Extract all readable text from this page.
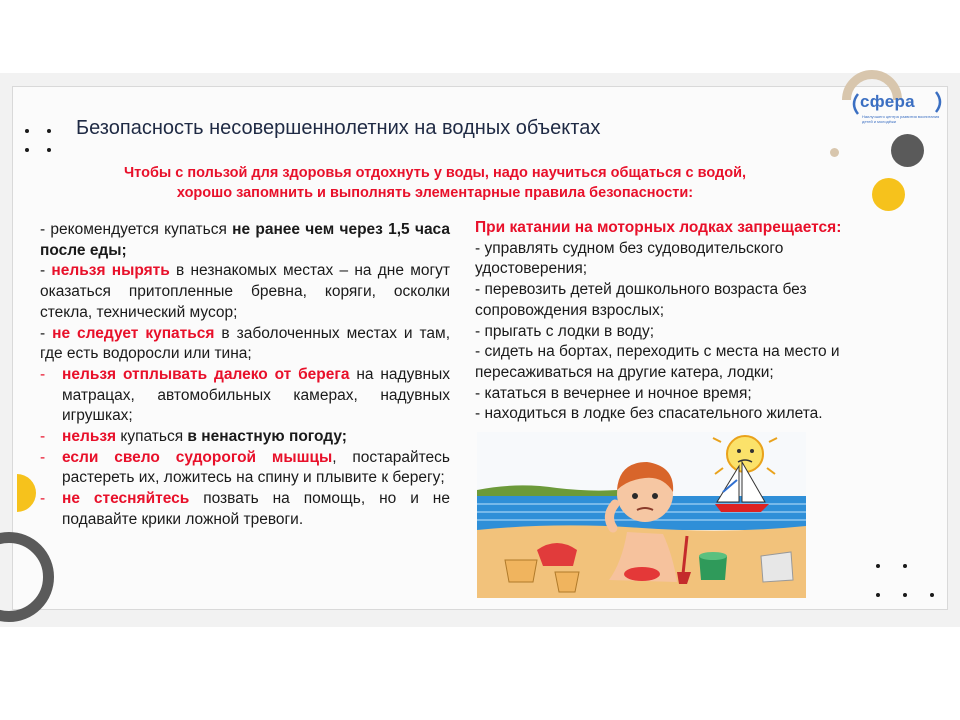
сфера
Наилучшего центра развития воспитания детей и молодёжи
Безопасность несовершеннолетних на водных объектах
Чтобы с пользой для здоровья отдохнуть у воды, надо научиться общаться с водой,
хорошо запомнить и выполнять элементарные правила безопасности:

- рекомендуется купаться не ранее чем через 1,5 часа после еды;

- нельзя нырять в незнакомых местах – на дне могут оказаться притопленные бревна, коряги, осколки стекла, технический мусор;

- не следует купаться в заболоченных местах и там, где есть водоросли или тина;

- нельзя отплывать далеко от берега на надувных матрацах, автомобильных камерах, надувных игрушках;

- нельзя купаться в ненастную погоду;

- если свело судорогой мышцы, постарайтесь растереть их, ложитесь на спину и плывите к берегу;

- не стесняйтесь позвать на помощь, но и не подавайте крики ложной тревоги.

При катании на моторных лодках запрещается:

- управлять судном без судоводительского удостоверения;

- перевозить детей дошкольного возраста без сопровождения взрослых;

- прыгать с лодки в воду;

- сидеть на бортах, переходить с места на место и пересаживаться на другие катера, лодки;

- кататься в вечернее и ночное время;

- находиться в лодке без спасательного жилета.
